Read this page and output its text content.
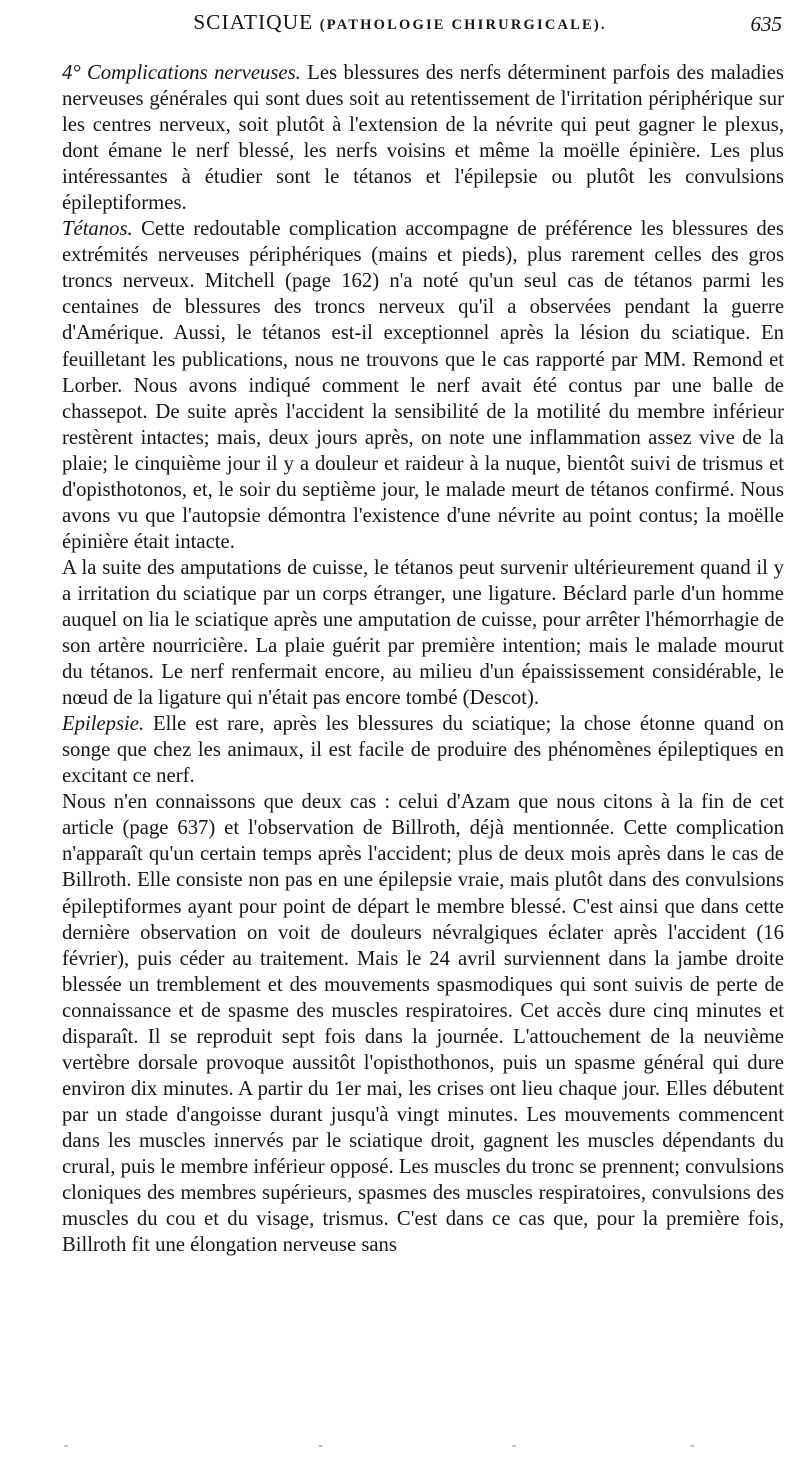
SCIATIQUE (PATHOLOGIE CHIRURGICALE).	635

4° Complications nerveuses. Les blessures des nerfs déterminent parfois des maladies nerveuses générales qui sont dues soit au retentissement de l'irritation périphérique sur les centres nerveux, soit plutôt à l'extension de la névrite qui peut gagner le plexus, dont émane le nerf blessé, les nerfs voisins et même la moëlle épinière. Les plus intéressantes à étudier sont le tétanos et l'épilepsie ou plutôt les convulsions épileptiformes.

Tétanos. Cette redoutable complication accompagne de préférence les blessures des extrémités nerveuses périphériques (mains et pieds), plus rarement celles des gros troncs nerveux. Mitchell (page 162) n'a noté qu'un seul cas de tétanos parmi les centaines de blessures des troncs nerveux qu'il a observées pendant la guerre d'Amérique. Aussi, le tétanos est-il exceptionnel après la lésion du sciatique. En feuilletant les publications, nous ne trouvons que le cas rapporté par MM. Remond et Lorber. Nous avons indiqué comment le nerf avait été contus par une balle de chassepot. De suite après l'accident la sensibilité de la motilité du membre inférieur restèrent intactes; mais, deux jours après, on note une inflammation assez vive de la plaie; le cinquième jour il y a douleur et raideur à la nuque, bientôt suivi de trismus et d'opisthotonos, et, le soir du septième jour, le malade meurt de tétanos confirmé. Nous avons vu que l'autopsie démontra l'existence d'une névrite au point contus; la moëlle épinière était intacte.

A la suite des amputations de cuisse, le tétanos peut survenir ultérieurement quand il y a irritation du sciatique par un corps étranger, une ligature. Béclard parle d'un homme auquel on lia le sciatique après une amputation de cuisse, pour arrêter l'hémorrhagie de son artère nourricière. La plaie guérit par première intention; mais le malade mourut du tétanos. Le nerf renfermait encore, au milieu d'un épaississement considérable, le nœud de la ligature qui n'était pas encore tombé (Descot).

Epilepsie. Elle est rare, après les blessures du sciatique; la chose étonne quand on songe que chez les animaux, il est facile de produire des phénomènes épileptiques en excitant ce nerf.

Nous n'en connaissons que deux cas : celui d'Azam que nous citons à la fin de cet article (page 637) et l'observation de Billroth, déjà mentionnée. Cette complication n'apparaît qu'un certain temps après l'accident; plus de deux mois après dans le cas de Billroth. Elle consiste non pas en une épilepsie vraie, mais plutôt dans des convulsions épileptiformes ayant pour point de départ le membre blessé. C'est ainsi que dans cette dernière observation on voit de douleurs névralgiques éclater après l'accident (16 février), puis céder au traitement. Mais le 24 avril surviennent dans la jambe droite blessée un tremblement et des mouvements spasmodiques qui sont suivis de perte de connaissance et de spasme des muscles respiratoires. Cet accès dure cinq minutes et disparaît. Il se reproduit sept fois dans la journée. L'attouchement de la neuvième vertèbre dorsale provoque aussitôt l'opisthothonos, puis un spasme général qui dure environ dix minutes. A partir du 1er mai, les crises ont lieu chaque jour. Elles débutent par un stade d'angoisse durant jusqu'à vingt minutes. Les mouvements commencent dans les muscles innervés par le sciatique droit, gagnent les muscles dépendants du crural, puis le membre inférieur opposé. Les muscles du tronc se prennent; convulsions cloniques des membres supérieurs, spasmes des muscles respiratoires, convulsions des muscles du cou et du visage, trismus. C'est dans ce cas que, pour la première fois, Billroth fit une élongation nerveuse sans

-	-	-	-
